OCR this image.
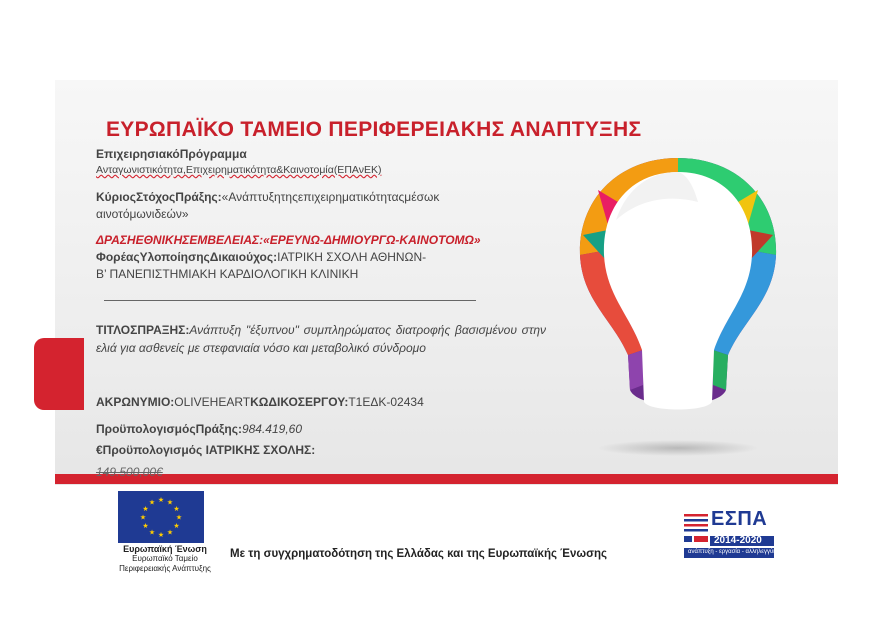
ΕΥΡΩΠΑΪΚΟ ΤΑΜΕΙΟ ΠΕΡΙΦΕΡΕΙΑΚΗΣ ΑΝΑΠΤΥΞΗΣ
ΕπιχειρησιακόΠρόγραμμα
Ανταγωνιστικότητα,Επιχειρηματικότητα&Καινοτομία(ΕΠΑνΕΚ)
ΚύριοςΣτόχοςΠράξης:«Ανάπτυξητηςεπιχειρηματικότηταςμέσωκ
αινοτόμωνιδεών»
ΔΡΑΣΗΕΘΝΙΚΗΣΕΜΒΕΛΕΙΑΣ:«ΕΡΕΥΝΩ-ΔΗΜΙΟΥΡΓΩ-ΚΑΙΝΟΤΟΜΩ»
ΦορέαςΥλοποίησηςΔικαιούχος:ΙΑΤΡΙΚΗ ΣΧΟΛΗ ΑΘΗΝΩΝ-
Β’ ΠΑΝΕΠΙΣΤΗΜΙΑΚΗ ΚΑΡΔΙΟΛΟΓΙΚΗ ΚΛΙΝΙΚΗ
ΤΙΤΛΟΣΠΡΑΞΗΣ:Ανάπτυξη "έξυπνου" συμπληρώματος διατροφής βασισμένου στην ελιά για ασθενείς με στεφανιαία νόσο και μεταβολικό σύνδρομο
ΑΚΡΩΝΥΜΙΟ:OLIVEHEARTΚΩΔΙΚΟΣΕΡΓΟΥ:Τ1ΕΔΚ-02434
ΠροϋπολογισμόςΠράξης:984.419,60
€Προϋπολογισμός ΙΑΤΡΙΚΗΣ ΣΧΟΛΗΣ:
149.500,00€
★ ★
★
★
★
★
★
★
★
★
★
★
Ευρωπαϊκή Ένωση
Ευρωπαϊκό Ταμείο
Περιφερειακής Ανάπτυξης
Με τη συγχρηματοδότηση της Ελλάδας και της Ευρωπαϊκής Ένωσης
ΕΣΠΑ
2014-2020
ανάπτυξη - εργασία - αλληλεγγύη
